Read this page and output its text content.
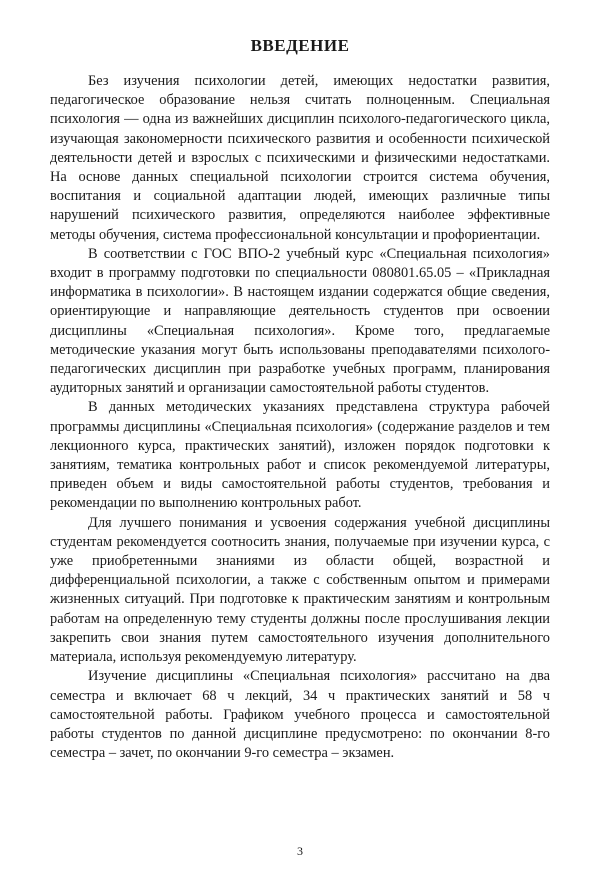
ВВЕДЕНИЕ

Без изучения психологии детей, имеющих недостатки развития, педагогическое образование нельзя считать полноценным. Специальная психология — одна из важнейших дисциплин психолого-педагогического цикла, изучающая закономерности психического развития и особенности психической деятельности детей и взрослых с психическими и физическими недостатками. На основе данных специальной психологии строится система обучения, воспитания и социальной адаптации людей, имеющих различные типы нарушений психического развития, определяются наиболее эффективные методы обучения, система профессиональной консультации и профориентации.

В соответствии с ГОС ВПО-2 учебный курс «Специальная психология» входит в программу подготовки по специальности 080801.65.05 – «Прикладная информатика в психологии». В настоящем издании содержатся общие сведения, ориентирующие и направляющие деятельность студентов при освоении дисциплины «Специальная психология». Кроме того, предлагаемые методические указания могут быть использованы преподавателями психолого-педагогических дисциплин при разработке учебных программ, планирования аудиторных занятий и организации самостоятельной работы студентов.

В данных методических указаниях представлена структура рабочей программы дисциплины «Специальная психология» (содержание разделов и тем лекционного курса, практических занятий), изложен порядок подготовки к занятиям, тематика контрольных работ и список рекомендуемой литературы, приведен объем и виды самостоятельной работы студентов, требования и рекомендации по выполнению контрольных работ.

Для лучшего понимания и усвоения содержания учебной дисциплины студентам рекомендуется соотносить знания, получаемые при изучении курса, с уже приобретенными знаниями из области общей, возрастной и дифференциальной психологии, а также с собственным опытом и примерами жизненных ситуаций. При подготовке к практическим занятиям и контрольным работам на определенную тему студенты должны после прослушивания лекции закрепить свои знания путем самостоятельного изучения дополнительного материала, используя рекомендуемую литературу.

Изучение дисциплины «Специальная психология» рассчитано на два семестра и включает 68 ч лекций, 34 ч практических занятий и 58 ч самостоятельной работы. Графиком учебного процесса и самостоятельной работы студентов по данной дисциплине предусмотрено: по окончании 8-го семестра – зачет, по окончании 9-го семестра – экзамен.

3
